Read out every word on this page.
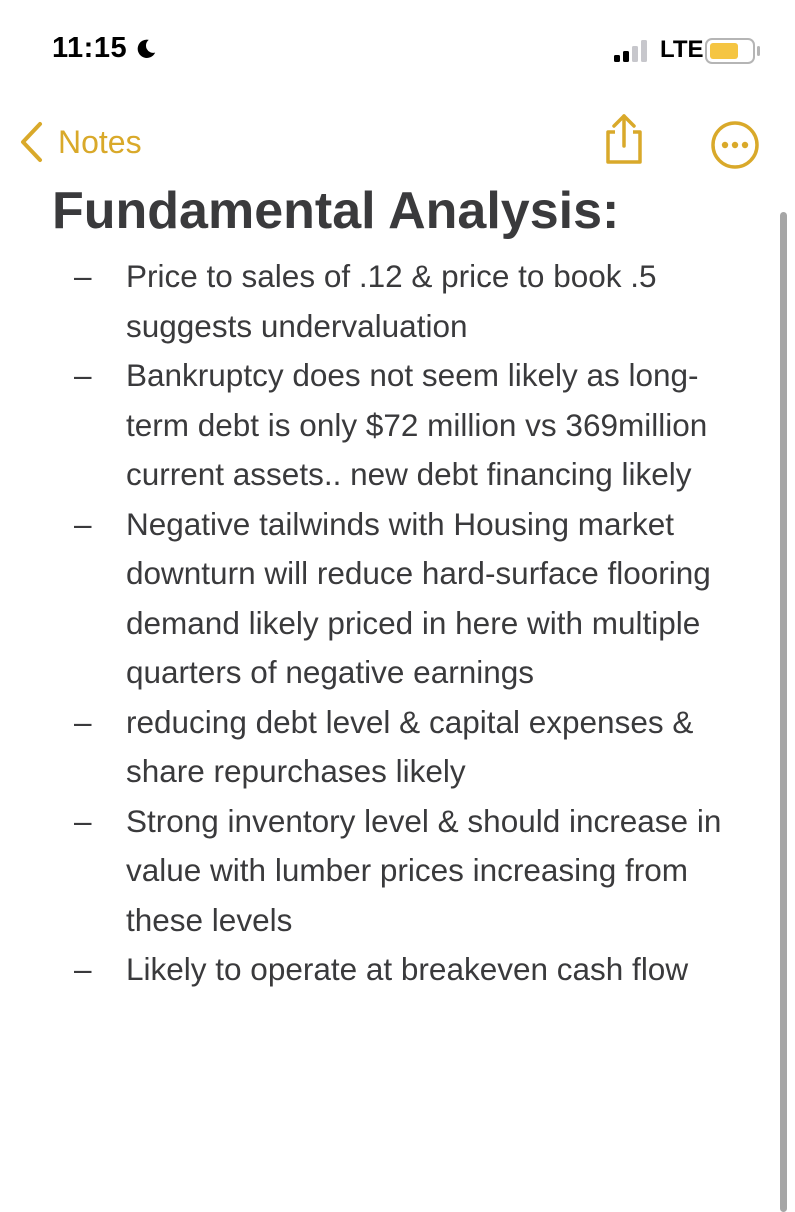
11:15	LTE
Notes
Fundamental Analysis:
– Price to sales of .12 & price to book .5 suggests undervaluation
– Bankruptcy does not seem likely as long-term debt is only $72 million vs 369million current assets.. new debt financing likely
– Negative tailwinds with Housing market downturn will reduce hard-surface flooring demand likely priced in here with multiple quarters of negative earnings
– reducing debt level & capital expenses & share repurchases likely
– Strong inventory level & should increase in value with lumber prices increasing from these levels
– Likely to operate at breakeven cash flow
